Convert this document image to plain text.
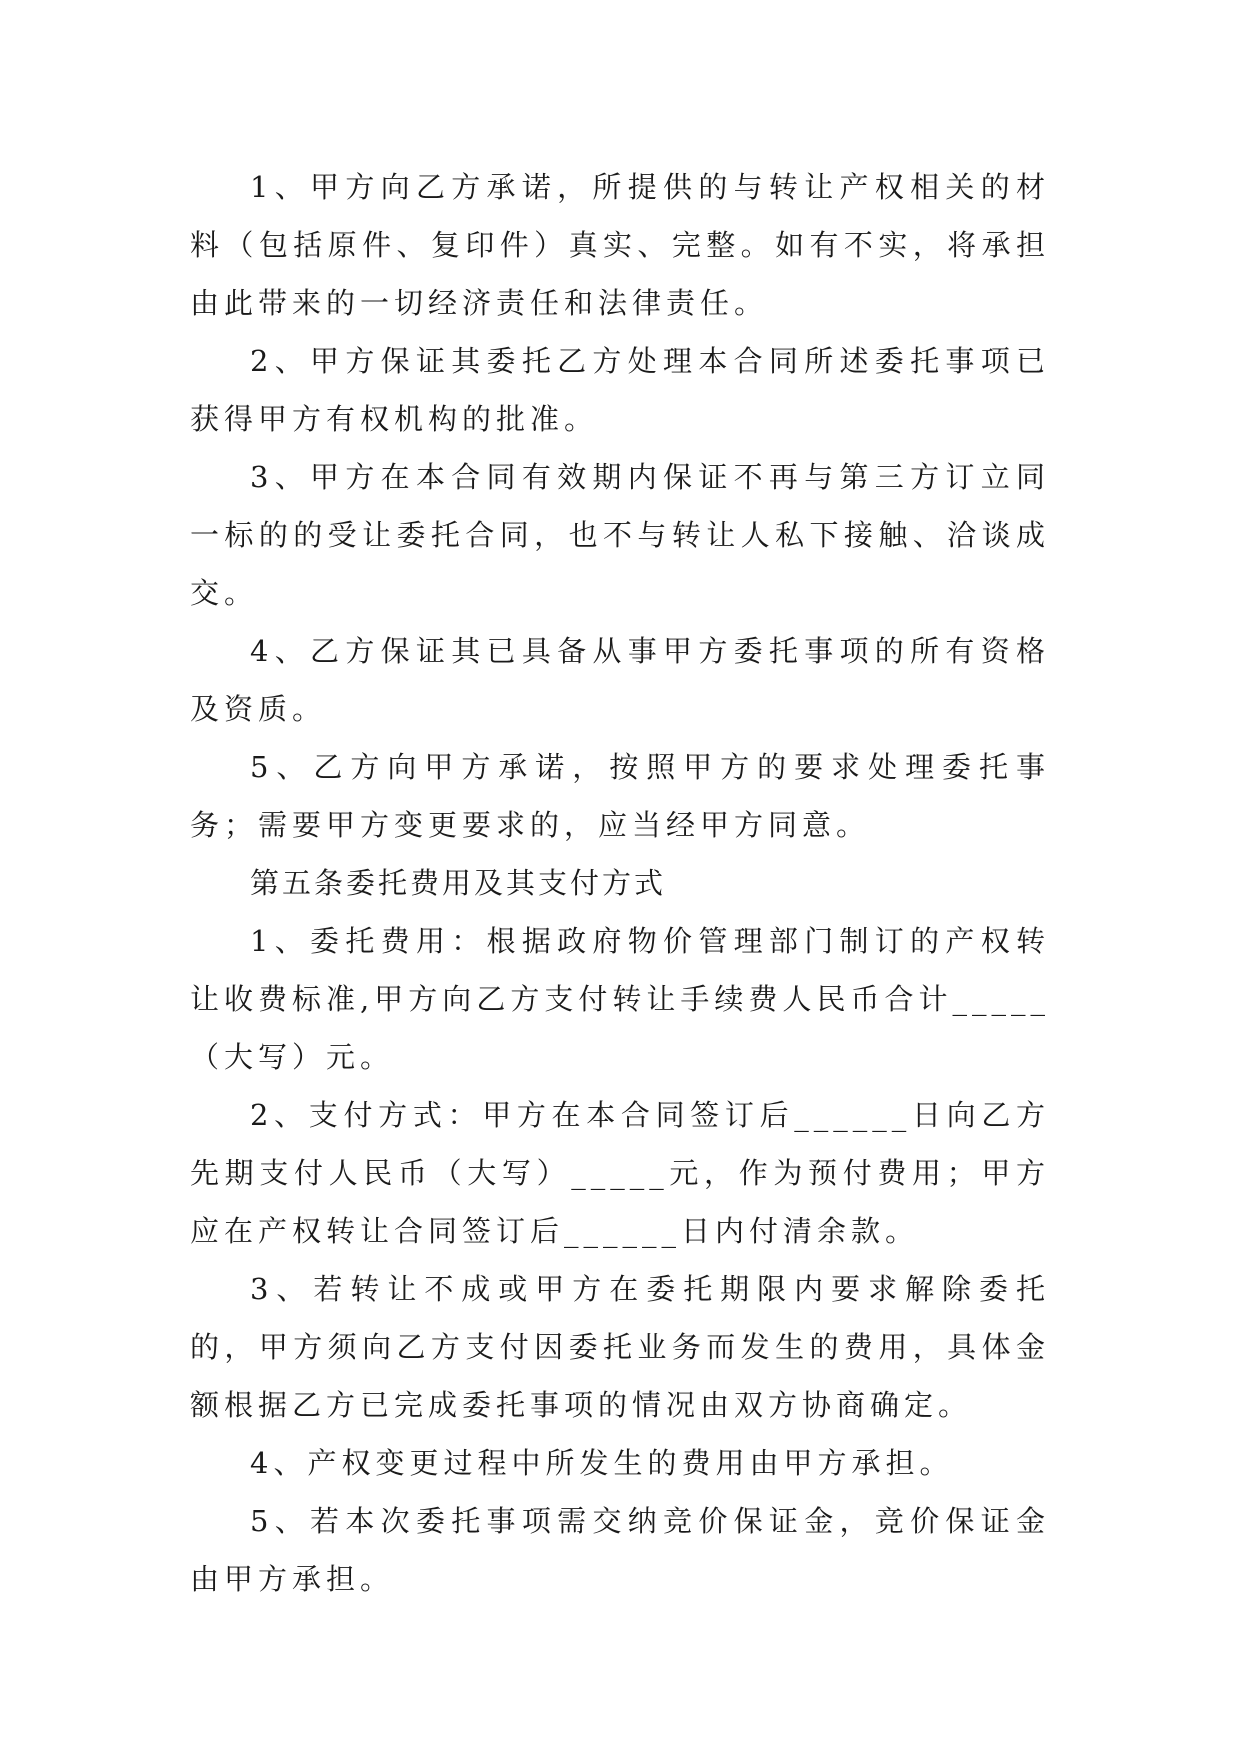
1、甲方向乙方承诺，所提供的与转让产权相关的材料（包括原件、复印件）真实、完整。如有不实，将承担由此带来的一切经济责任和法律责任。

2、甲方保证其委托乙方处理本合同所述委托事项已获得甲方有权机构的批准。

3、甲方在本合同有效期内保证不再与第三方订立同一标的的受让委托合同，也不与转让人私下接触、洽谈成交。

4、乙方保证其已具备从事甲方委托事项的所有资格及资质。

5、乙方向甲方承诺，按照甲方的要求处理委托事务；需要甲方变更要求的，应当经甲方同意。

第五条委托费用及其支付方式

1、委托费用：根据政府物价管理部门制订的产权转让收费标准,甲方向乙方支付转让手续费人民币合计_____（大写）元。

2、支付方式：甲方在本合同签订后______日向乙方先期支付人民币（大写）_____元，作为预付费用；甲方应在产权转让合同签订后______日内付清余款。

3、若转让不成或甲方在委托期限内要求解除委托的，甲方须向乙方支付因委托业务而发生的费用，具体金额根据乙方已完成委托事项的情况由双方协商确定。

4、产权变更过程中所发生的费用由甲方承担。

5、若本次委托事项需交纳竞价保证金，竞价保证金由甲方承担。
